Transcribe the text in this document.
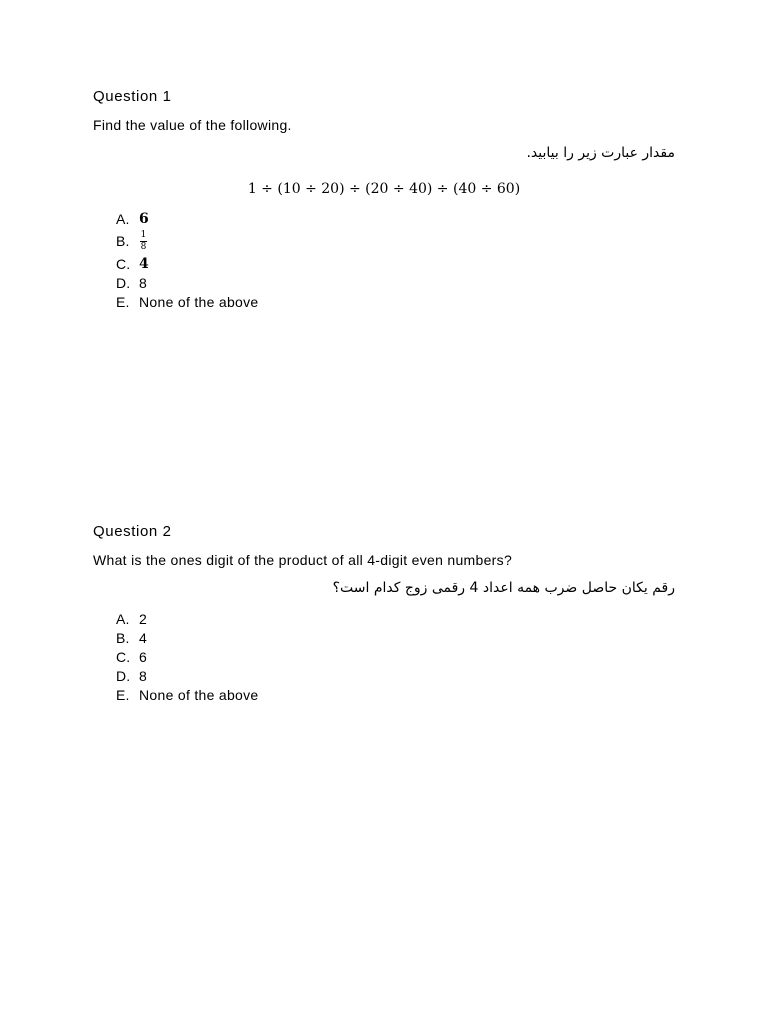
Question 1
Find the value of the following.
مقدار عبارت زیر را بیابید.
1 ÷ (10 ÷ 20) ÷ (20 ÷ 40) ÷ (40 ÷ 60)
A. 6
B.	$\frac{1}{8}$
C. 4
D. 8
E. None of the above
Question 2
What is the ones digit of the product of all 4-digit even numbers?
رقم یکان حاصل ضرب همه اعداد 4 رقمی زوج کدام است؟
A. 2
B. 4
C. 6
D. 8
E. None of the above
